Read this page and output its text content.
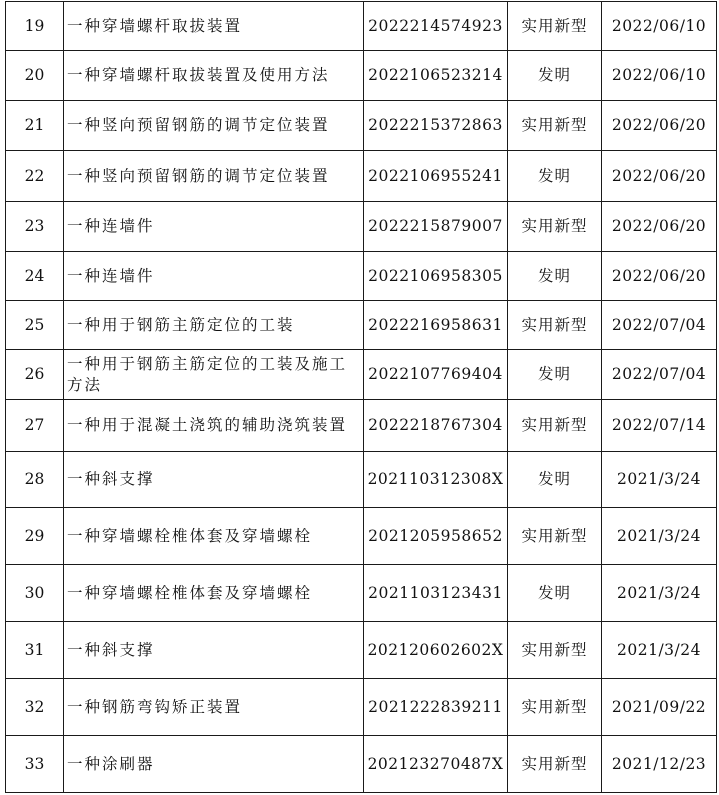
19	一种穿墙螺杆取拔装置	2022214574923	实用新型	2022/06/10
20	一种穿墙螺杆取拔装置及使用方法	2022106523214	发明	2022/06/10
21	一种竖向预留钢筋的调节定位装置	2022215372863	实用新型	2022/06/20
22	一种竖向预留钢筋的调节定位装置	2022106955241	发明	2022/06/20
23	一种连墙件	2022215879007	实用新型	2022/06/20
24	一种连墙件	2022106958305	发明	2022/06/20
25	一种用于钢筋主筋定位的工装	2022216958631	实用新型	2022/07/04
26	一种用于钢筋主筋定位的工装及施工方法	2022107769404	发明	2022/07/04
27	一种用于混凝土浇筑的辅助浇筑装置	2022218767304	实用新型	2022/07/14
28	一种斜支撑	202110312308X	发明	2021/3/24
29	一种穿墙螺栓椎体套及穿墙螺栓	2021205958652	实用新型	2021/3/24
30	一种穿墙螺栓椎体套及穿墙螺栓	2021103123431	发明	2021/3/24
31	一种斜支撑	202120602602X	实用新型	2021/3/24
32	一种钢筋弯钩矫正装置	2021222839211	实用新型	2021/09/22
33	一种涂刷器	202123270487X	实用新型	2021/12/23
